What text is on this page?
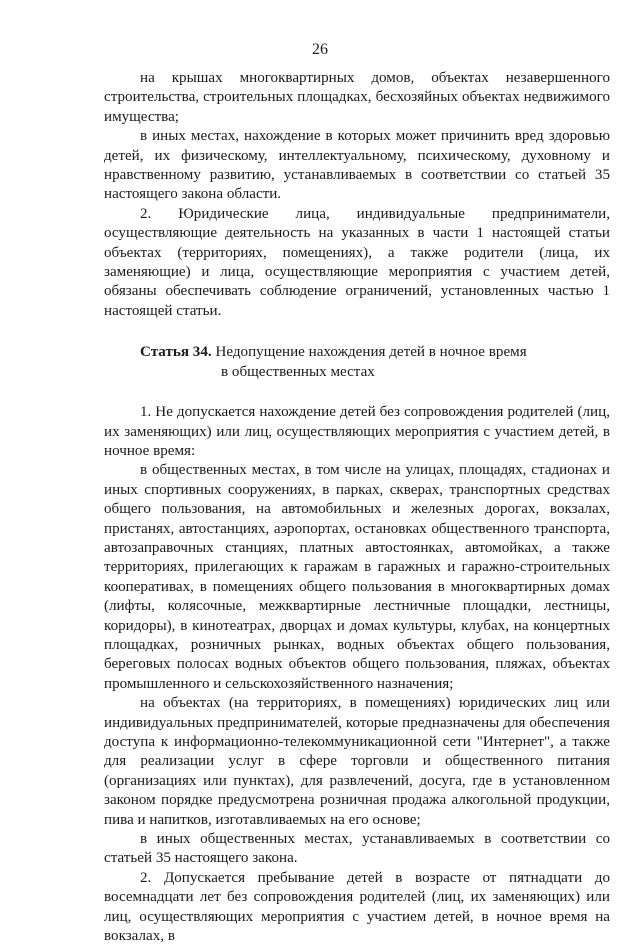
26

на крышах многоквартирных домов, объектах незавершенного строительства, строительных площадках, бесхозяйных объектах недвижимого имущества;

в иных местах, нахождение в которых может причинить вред здоровью детей, их физическому, интеллектуальному, психическому, духовному и нравственному развитию, устанавливаемых в соответствии со статьей 35 настоящего закона области.

2. Юридические лица, индивидуальные предприниматели, осуществляющие деятельность на указанных в части 1 настоящей статьи объектах (территориях, помещениях), а также родители (лица, их заменяющие) и лица, осуществляющие мероприятия с участием детей, обязаны обеспечивать соблюдение ограничений, установленных частью 1 настоящей статьи.

Статья 34. Недопущение нахождения детей в ночное время
в общественных местах

1. Не допускается нахождение детей без сопровождения родителей (лиц, их заменяющих) или лиц, осуществляющих мероприятия с участием детей, в ночное время:

в общественных местах, в том числе на улицах, площадях, стадионах и иных спортивных сооружениях, в парках, скверах, транспортных средствах общего пользования, на автомобильных и железных дорогах, вокзалах, пристанях, автостанциях, аэропортах, остановках общественного транспорта, автозаправочных станциях, платных автостоянках, автомойках, а также территориях, прилегающих к гаражам в гаражных и гаражно-строительных кооперативах, в помещениях общего пользования в многоквартирных домах (лифты, колясочные, межквартирные лестничные площадки, лестницы, коридоры), в кинотеатрах, дворцах и домах культуры, клубах, на концертных площадках, розничных рынках, водных объектах общего пользования, береговых полосах водных объектов общего пользования, пляжах, объектах промышленного и сельскохозяйственного назначения;

на объектах (на территориях, в помещениях) юридических лиц или индивидуальных предпринимателей, которые предназначены для обеспечения доступа к информационно-телекоммуникационной сети "Интернет", а также для реализации услуг в сфере торговли и общественного питания (организациях или пунктах), для развлечений, досуга, где в установленном законом порядке предусмотрена розничная продажа алкогольной продукции, пива и напитков, изготавливаемых на его основе;

в иных общественных местах, устанавливаемых в соответствии со статьей 35 настоящего закона.

2. Допускается пребывание детей в возрасте от пятнадцати до восемнадцати лет без сопровождения родителей (лиц, их заменяющих) или лиц, осуществляющих мероприятия с участием детей, в ночное время на вокзалах, в
